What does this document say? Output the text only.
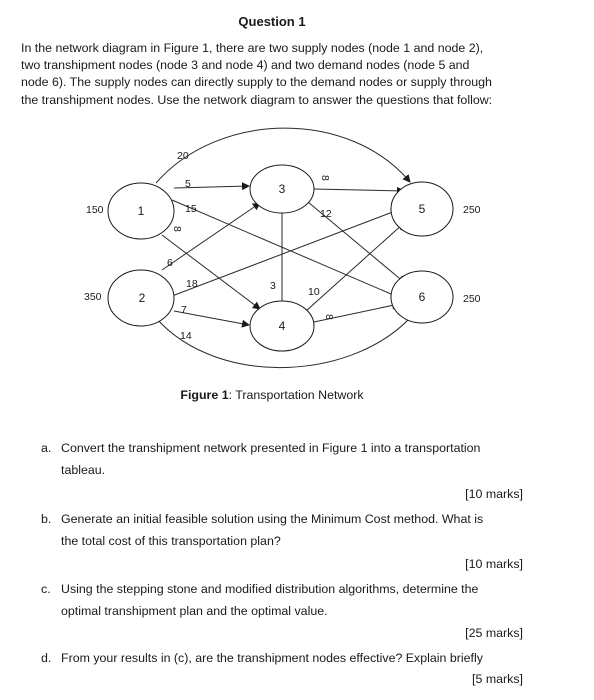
Question 1

In the network diagram in Figure 1, there are two supply nodes (node 1 and node 2),
two transhipment nodes (node 3 and node 4) and two demand nodes (node 5 and
node 6). The supply nodes can directly supply to the demand nodes or supply through
the transhipment nodes. Use the network diagram to answer the questions that follow:

1
2
3
4
5
6
150
350
250
250
20
5
15
8
6
18
7
14
8
12
3	10
8
Figure 1: Transportation Network
a. Convert the transhipment network presented in Figure 1 into a transportation
tableau.
[10 marks]
b. Generate an initial feasible solution using the Minimum Cost method. What is
the total cost of this transportation plan?
[10 marks]
c. Using the stepping stone and modified distribution algorithms, determine the
optimal transhipment plan and the optimal value.
[25 marks]
d. From your results in (c), are the transhipment nodes effective? Explain briefly
[5 marks]
